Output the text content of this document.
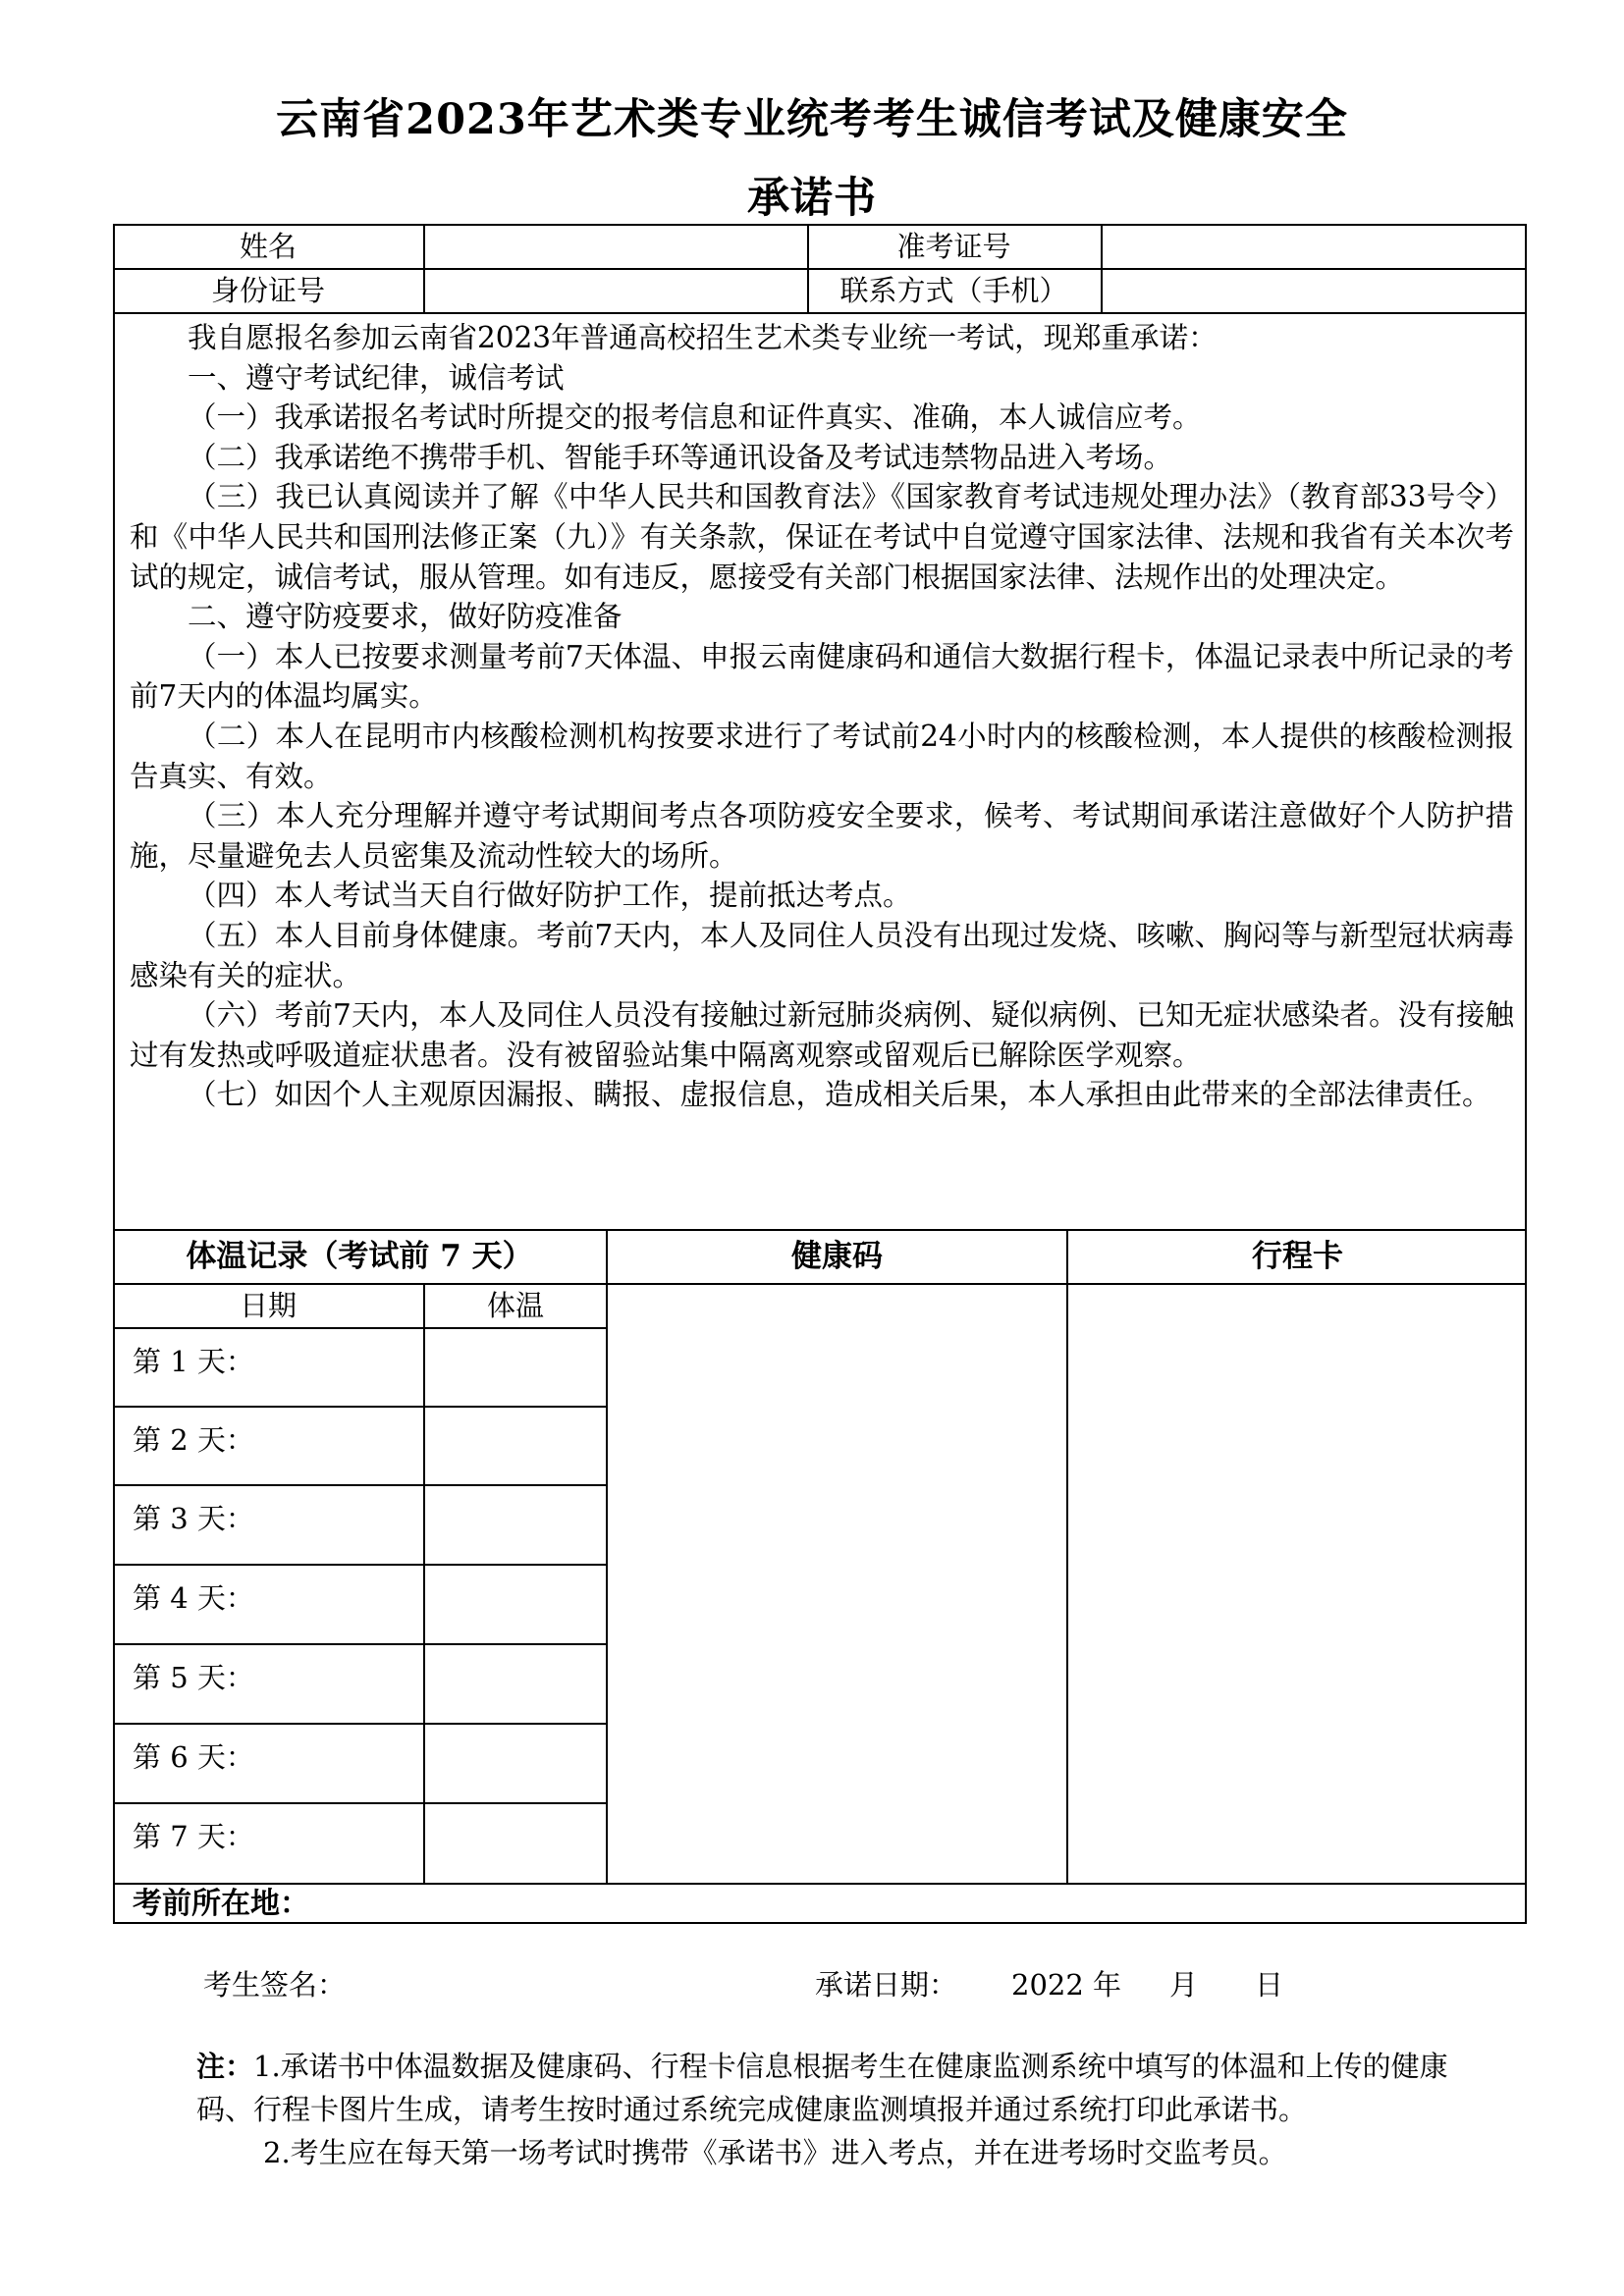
云南省2023年艺术类专业统考考生诚信考试及健康安全
承诺书
姓名	准考证号
身份证号	联系方式（手机）

我自愿报名参加云南省2023年普通高校招生艺术类专业统一考试，现郑重承诺：

一、遵守考试纪律，诚信考试

（一）我承诺报名考试时所提交的报考信息和证件真实、准确，本人诚信应考。

（二）我承诺绝不携带手机、智能手环等通讯设备及考试违禁物品进入考场。

（三）我已认真阅读并了解《中华人民共和国教育法》《国家教育考试违规处理办法》（教育部33号令）和《中华人民共和国刑法修正案（九）》有关条款，保证在考试中自觉遵守国家法律、法规和我省有关本次考试的规定，诚信考试，服从管理。如有违反，愿接受有关部门根据国家法律、法规作出的处理决定。

二、遵守防疫要求，做好防疫准备

（一）本人已按要求测量考前7天体温、申报云南健康码和通信大数据行程卡，体温记录表中所记录的考前7天内的体温均属实。

（二）本人在昆明市内核酸检测机构按要求进行了考试前24小时内的核酸检测，本人提供的核酸检测报告真实、有效。

（三）本人充分理解并遵守考试期间考点各项防疫安全要求，候考、考试期间承诺注意做好个人防护措施，尽量避免去人员密集及流动性较大的场所。

（四）本人考试当天自行做好防护工作，提前抵达考点。

（五）本人目前身体健康。考前7天内，本人及同住人员没有出现过发烧、咳嗽、胸闷等与新型冠状病毒感染有关的症状。

（六）考前7天内，本人及同住人员没有接触过新冠肺炎病例、疑似病例、已知无症状感染者。没有接触过有发热或呼吸道症状患者。没有被留验站集中隔离观察或留观后已解除医学观察。

（七）如因个人主观原因漏报、瞒报、虚报信息，造成相关后果，本人承担由此带来的全部法律责任。

体温记录（考试前 7 天）	健康码	行程卡
日期	体温
第 1 天：
第 2 天：
第 3 天：
第 4 天：
第 5 天：
第 6 天：
第 7 天：
考前所在地：
考生签名：	承诺日期： 2022 年 月 日
注： 1.承诺书中体温数据及健康码、行程卡信息根据考生在健康监测系统中填写的体温和上传的健康码、行程卡图片生成，请考生按时通过系统完成健康监测填报并通过系统打印此承诺书。

2.考生应在每天第一场考试时携带《承诺书》进入考点，并在进考场时交监考员。
